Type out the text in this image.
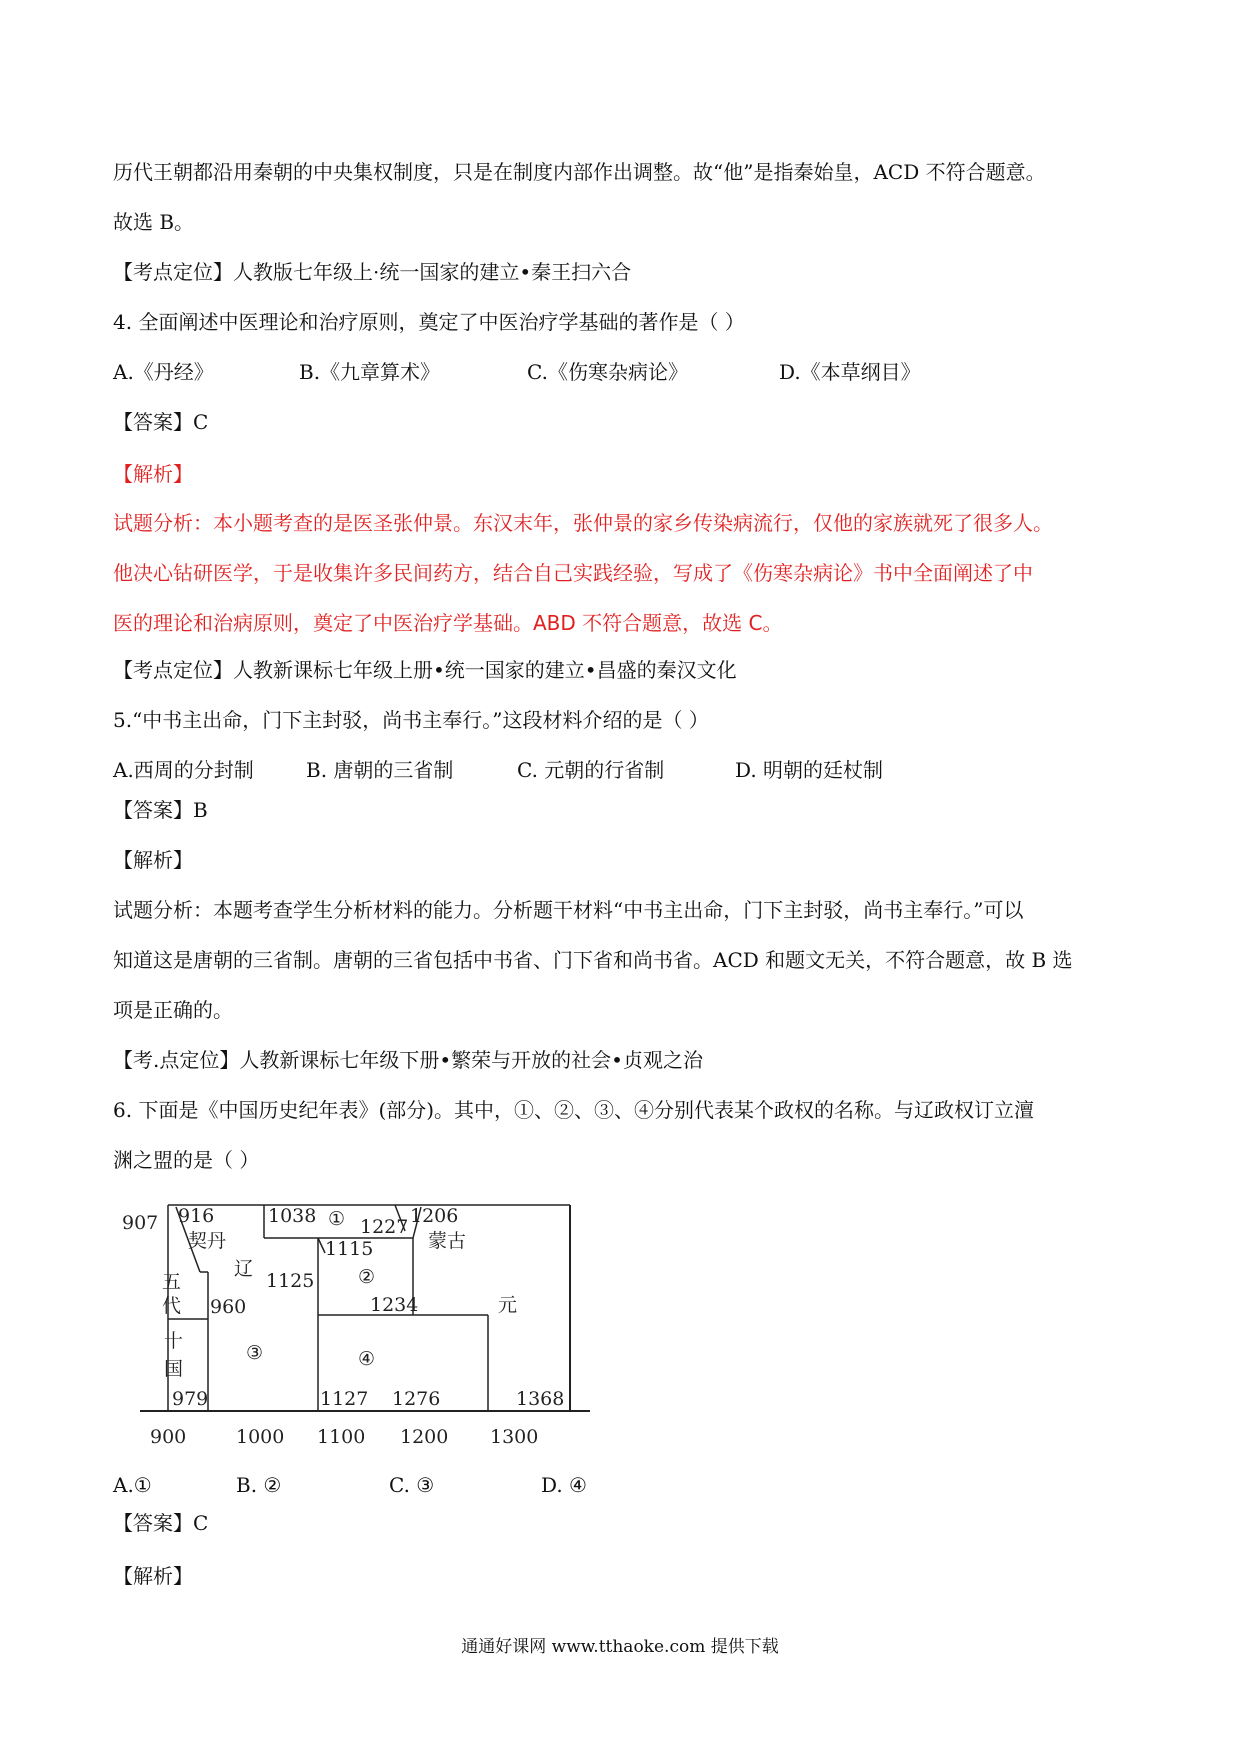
历代王朝都沿用秦朝的中央集权制度，只是在制度内部作出调整。故“他”是指秦始皇，ACD 不符合题意。
故选 B。
【考点定位】人教版七年级上·统一国家的建立•秦王扫六合
4. 全面阐述中医理论和治疗原则，奠定了中医治疗学基础的著作是（ ）
A.《丹经》	B.《九章算术》	C.《伤寒杂病论》	D.《本草纲目》
【答案】C
【解析】
试题分析：本小题考查的是医圣张仲景。东汉末年，张仲景的家乡传染病流行，仅他的家族就死了很多人。
他决心钻研医学，于是收集许多民间药方，结合自己实践经验，写成了《伤寒杂病论》书中全面阐述了中
医的理论和治病原则，奠定了中医治疗学基础。ABD 不符合题意，故选 C。
【考点定位】人教新课标七年级上册•统一国家的建立•昌盛的秦汉文化
5.“中书主出命，门下主封驳，尚书主奉行。”这段材料介绍的是（ ）
A.西周的分封制	B. 唐朝的三省制	C. 元朝的行省制	D. 明朝的廷杖制
【答案】B
【解析】
试题分析：本题考查学生分析材料的能力。分析题干材料“中书主出命，门下主封驳，尚书主奉行。”可以
知道这是唐朝的三省制。唐朝的三省包括中书省、门下省和尚书省。ACD 和题文无关，不符合题意，故 B 选
项是正确的。
【考.点定位】人教新课标七年级下册•繁荣与开放的社会•贞观之治
6. 下面是《中国历史纪年表》(部分)。其中，①、②、③、④分别代表某个政权的名称。与辽政权订立澶
渊之盟的是（ ）
907 916
契丹
1038 ① 1227 1206
蒙古
辽
1115
1125 ②
五
代 960	1234	元
十
国
③	④
979	1127 1276	1368
900	1000 1100 1200 1300
A.①	B. ②	C. ③	D. ④
【答案】C
【解析】
通通好课网 www.tthaoke.com 提供下载
